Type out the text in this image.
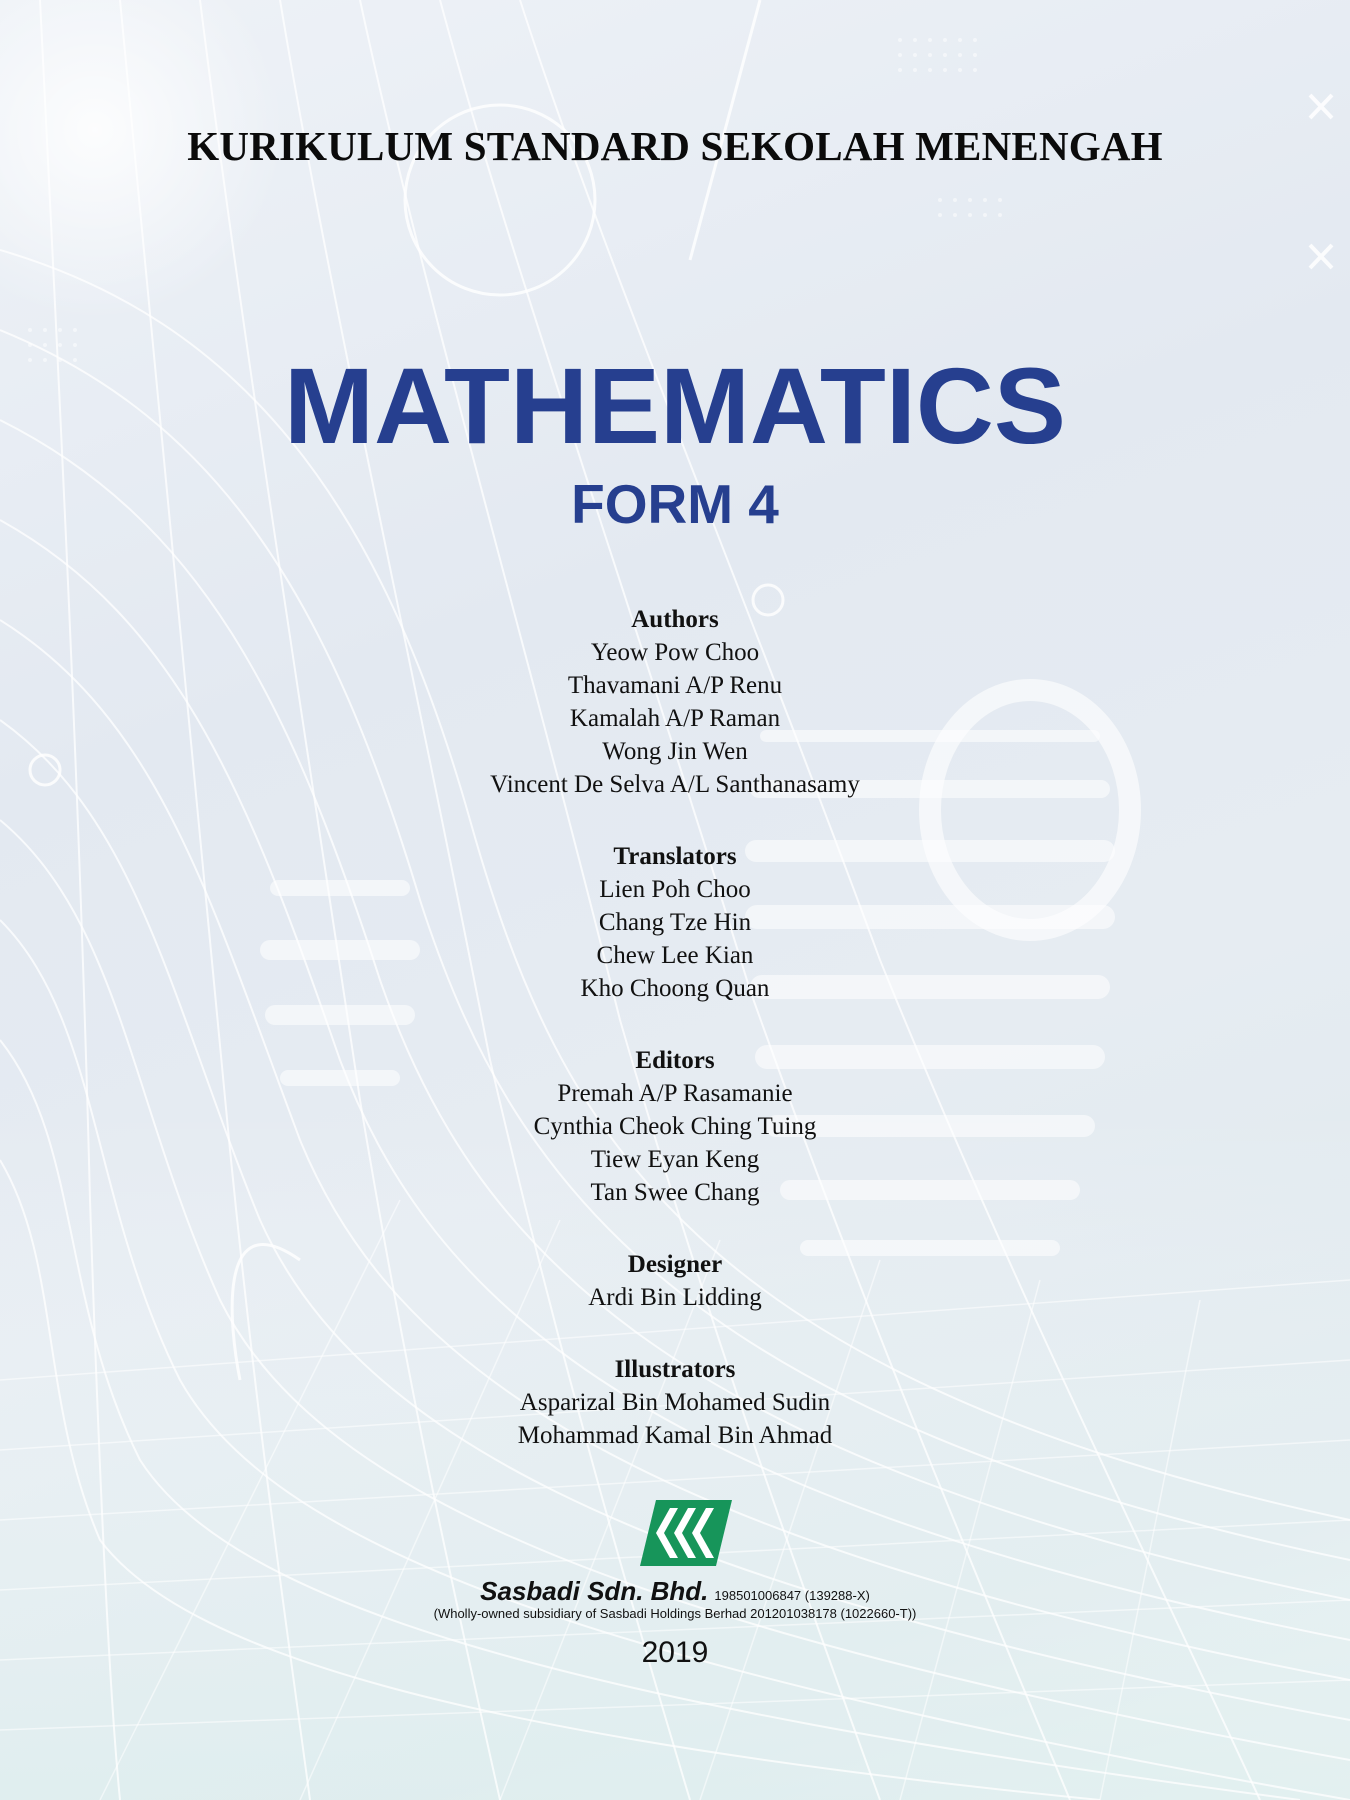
KURIKULUM STANDARD SEKOLAH MENENGAH
MATHEMATICS
FORM 4
Authors
Yeow Pow Choo
Thavamani A/P Renu
Kamalah A/P Raman
Wong Jin Wen
Vincent De Selva A/L Santhanasamy
Translators
Lien Poh Choo
Chang Tze Hin
Chew Lee Kian
Kho Choong Quan
Editors
Premah A/P Rasamanie
Cynthia Cheok Ching Tuing
Tiew Eyan Keng
Tan Swee Chang
Designer
Ardi Bin Lidding
Illustrators
Asparizal Bin Mohamed Sudin
Mohammad Kamal Bin Ahmad
Sasbadi Sdn. Bhd. 198501006847 (139288-X)
(Wholly-owned subsidiary of Sasbadi Holdings Berhad 201201038178 (1022660-T))
2019
